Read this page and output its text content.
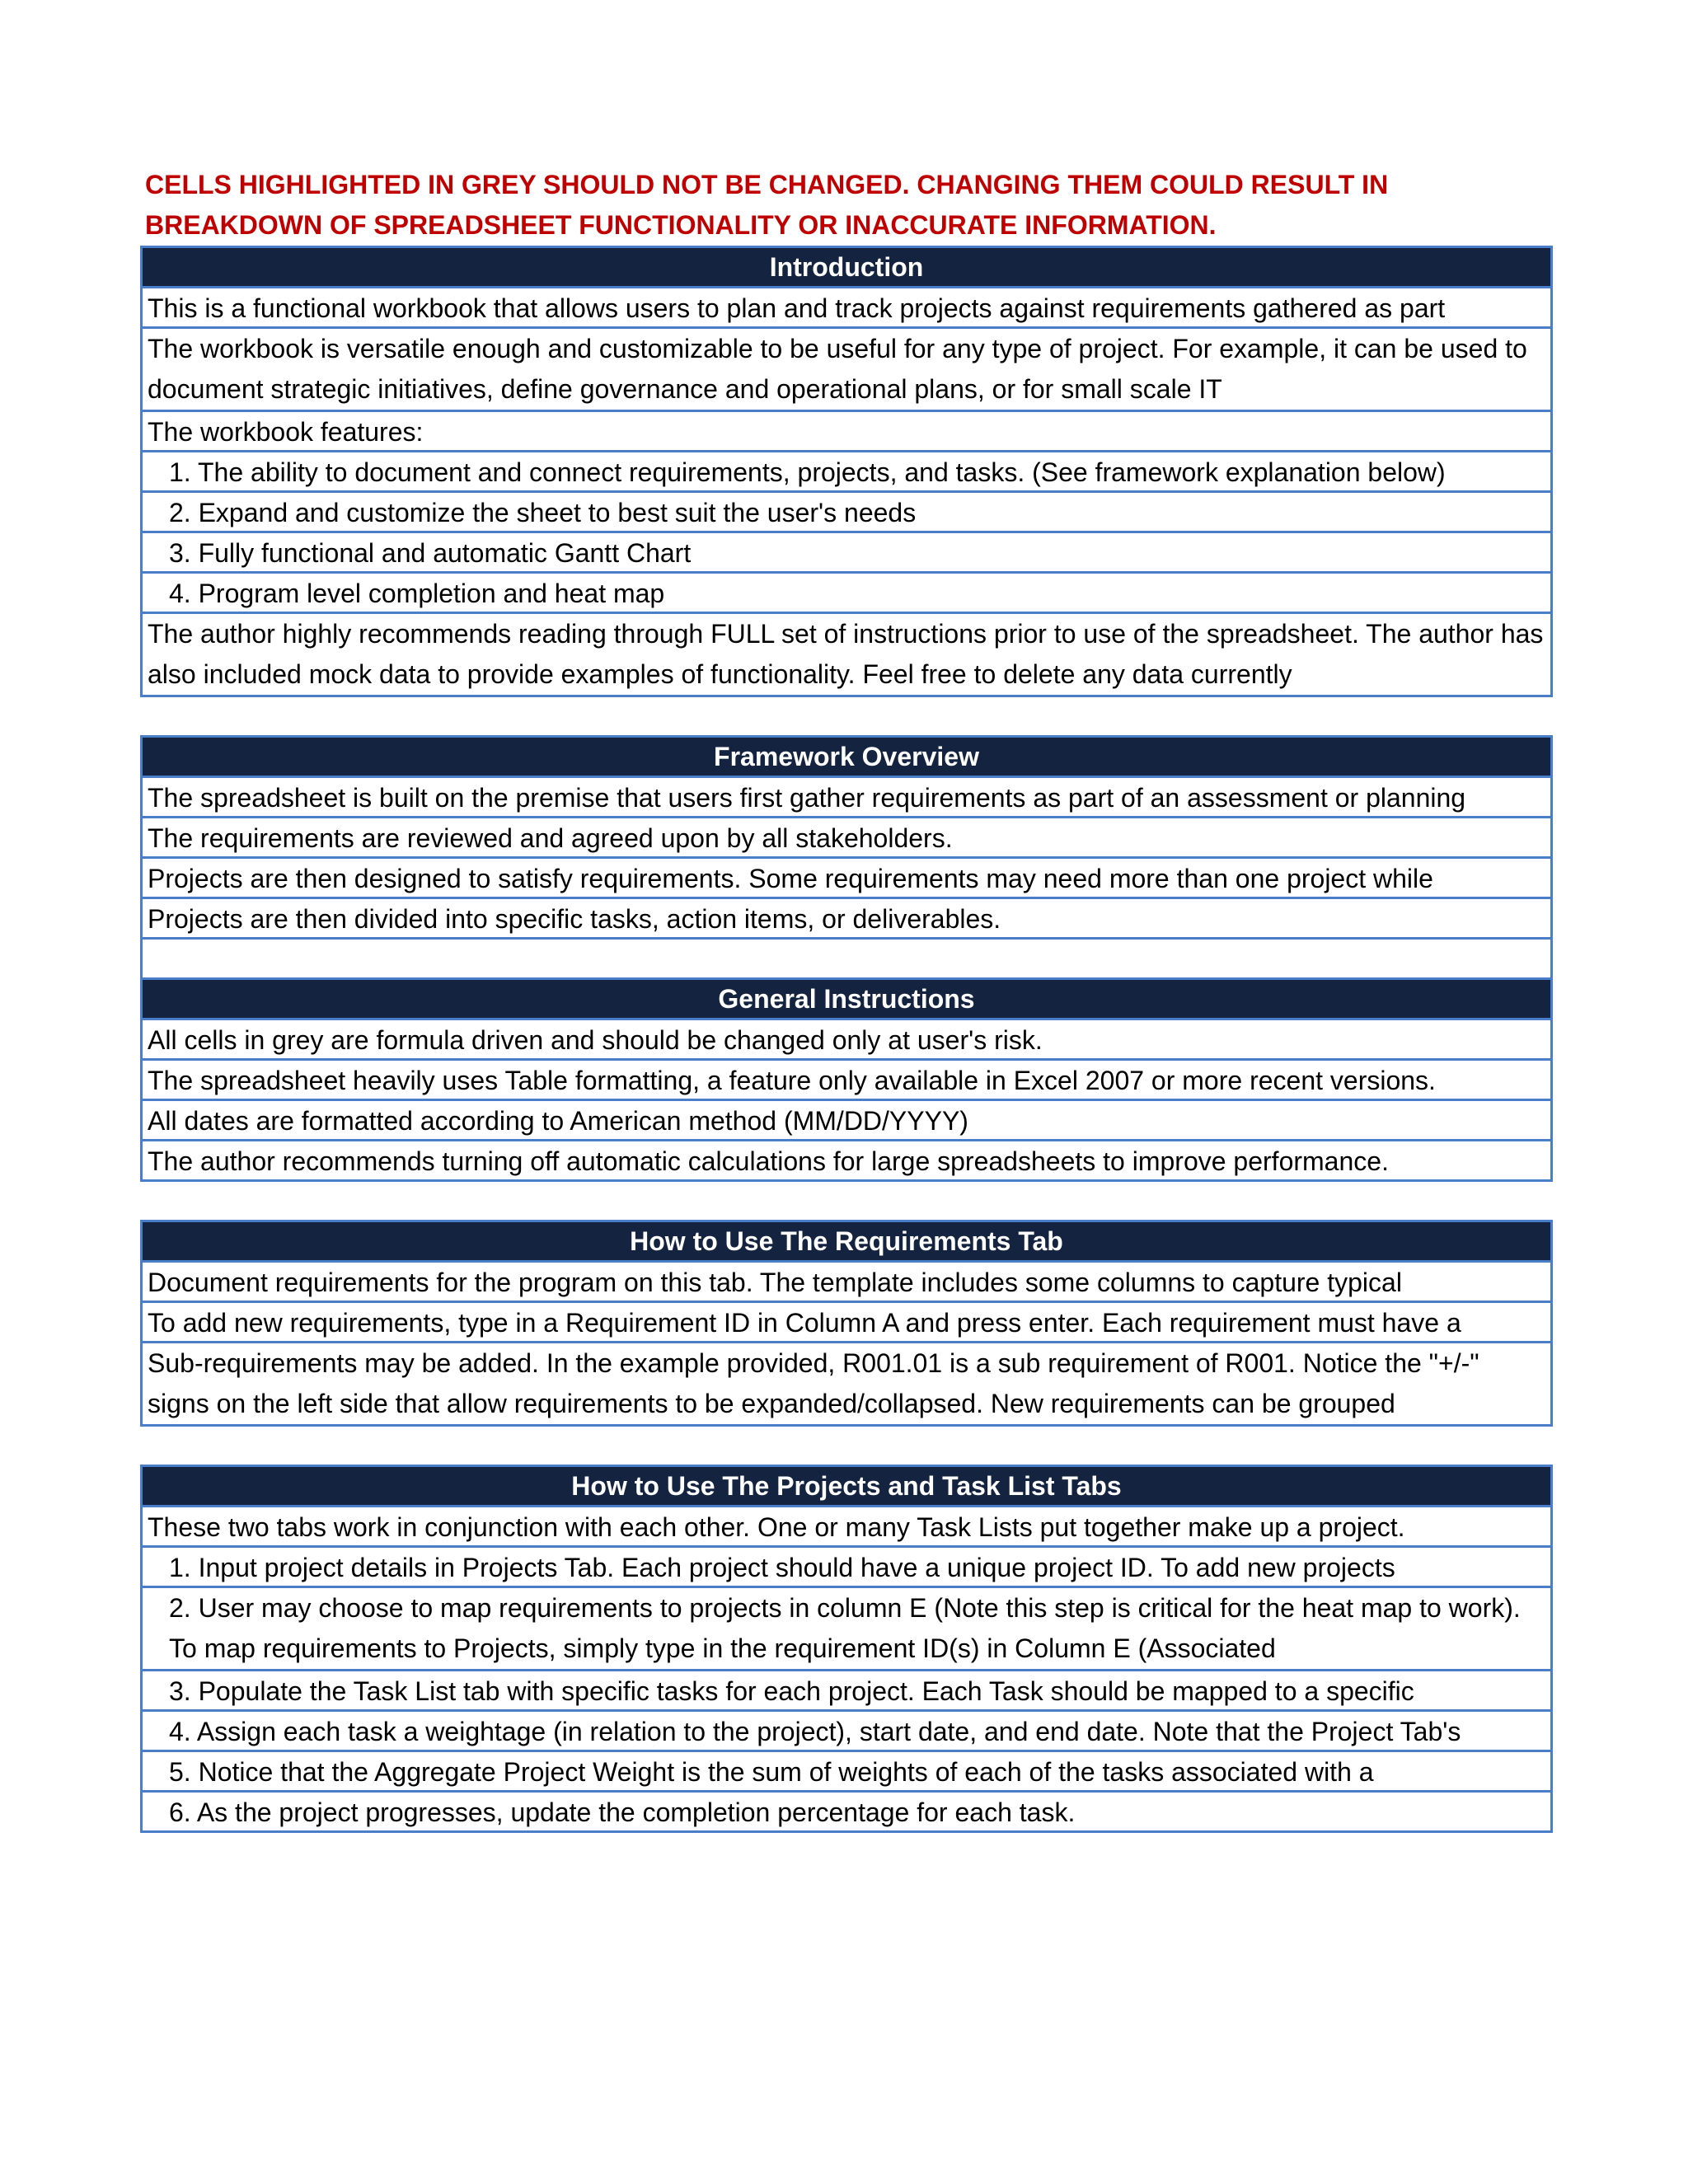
CELLS HIGHLIGHTED IN GREY SHOULD NOT BE CHANGED. CHANGING THEM COULD RESULT IN BREAKDOWN OF SPREADSHEET FUNCTIONALITY OR INACCURATE INFORMATION.
Introduction
This is a functional workbook that allows users to plan and track projects against requirements gathered as part
The workbook is versatile enough and customizable to be useful for any type of project. For example, it can be used to document strategic initiatives, define governance and operational plans, or for small scale IT
The workbook features:
1. The ability to document and connect requirements, projects, and tasks. (See framework explanation below)
2. Expand and customize the sheet to best suit the user's needs
3. Fully functional and automatic Gantt Chart
4. Program level completion and heat map
The author highly recommends reading through FULL set of instructions prior to use of the spreadsheet. The author has also included mock data to provide examples of functionality. Feel free to delete any data currently
Framework Overview
The spreadsheet is built on the premise that users first gather requirements as part of an assessment or planning
The requirements are reviewed and agreed upon by all stakeholders.
Projects are then designed to satisfy requirements. Some requirements may need more than one project while
Projects are then divided into specific tasks, action items, or deliverables.
General Instructions
All cells in grey are formula driven and should be changed only at user's risk.
The spreadsheet heavily uses Table formatting, a feature only available in Excel 2007 or more recent versions.
All dates are formatted according to American method (MM/DD/YYYY)
The author recommends turning off automatic calculations for large spreadsheets to improve performance.
How to Use The Requirements Tab
Document requirements for the program on this tab. The template includes some columns to capture typical
To add new requirements, type in a Requirement ID in Column A and press enter. Each requirement must have a
Sub-requirements may be added. In the example provided, R001.01 is a sub requirement of R001. Notice the "+/-" signs on the left side that allow requirements to be expanded/collapsed. New requirements can be grouped
How to Use The Projects and Task List Tabs
These two tabs work in conjunction with each other. One or many Task Lists put together make up a project.
1. Input project details in Projects Tab. Each project should have a unique project ID. To add new projects
2. User may choose to map requirements to projects in column E (Note this step is critical for the heat map to work). To map requirements to Projects, simply type in the requirement ID(s) in Column E (Associated
3. Populate the Task List tab with specific tasks for each project. Each Task should be mapped to a specific
4. Assign each task a weightage (in relation to the project), start date, and end date. Note that the Project Tab's
5. Notice that the Aggregate Project Weight is the sum of weights of each of the tasks associated with a
6. As the project progresses, update the completion percentage for each task.
